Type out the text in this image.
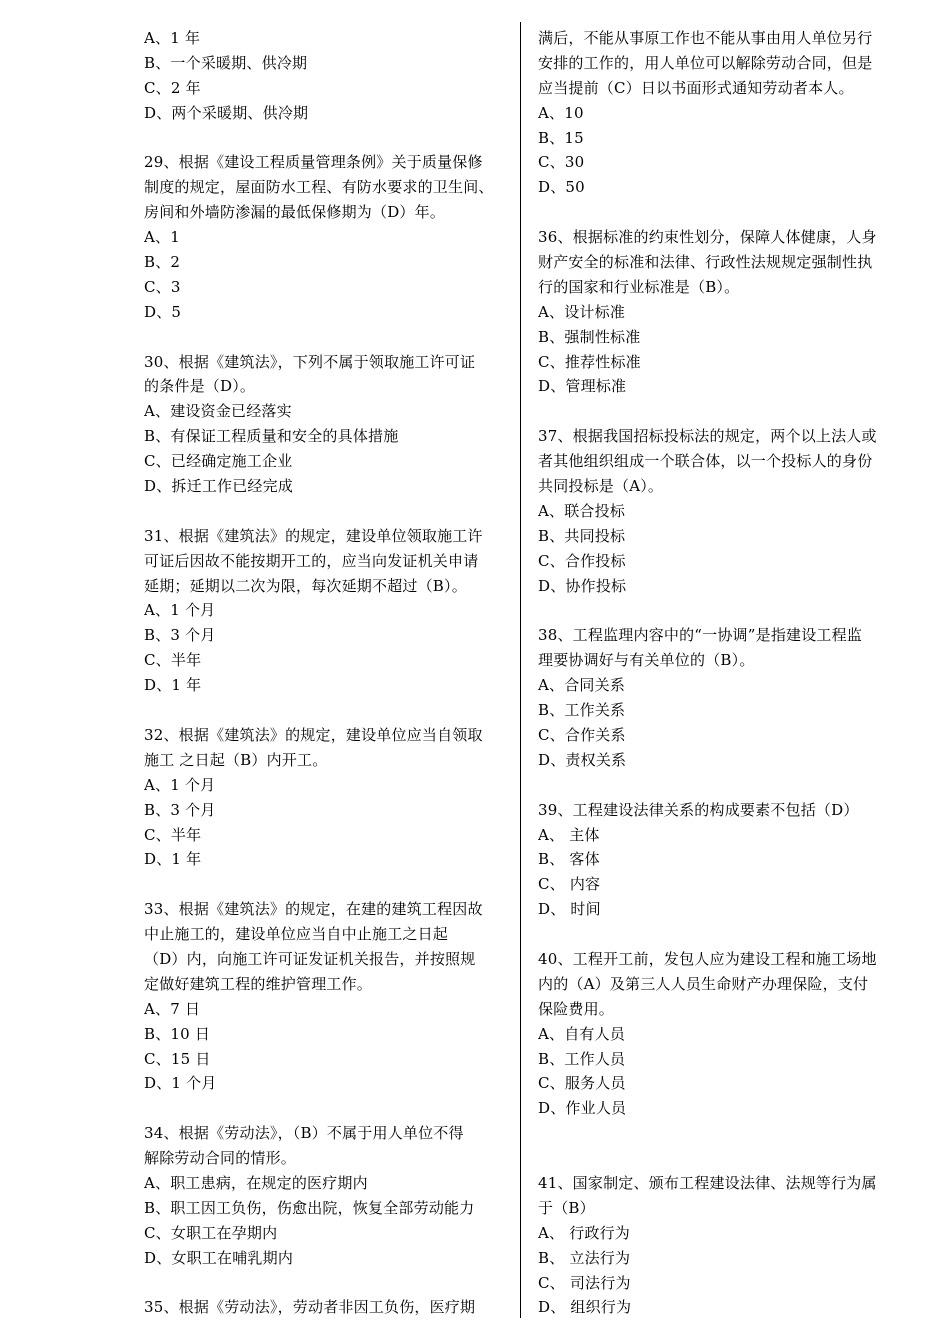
A、1 年
B、一个采暖期、供冷期
C、2 年
D、两个采暖期、供冷期
29、根据《建设工程质量管理条例》关于质量保修
制度的规定，屋面防水工程、有防水要求的卫生间、
房间和外墙防渗漏的最低保修期为（D）年。
A、1
B、2
C、3
D、5
30、根据《建筑法》，下列不属于领取施工许可证
的条件是（D）。
A、建设资金已经落实
B、有保证工程质量和安全的具体措施
C、已经确定施工企业
D、拆迁工作已经完成
31、根据《建筑法》的规定，建设单位领取施工许
可证后因故不能按期开工的，应当向发证机关申请
延期；延期以二次为限，每次延期不超过（B）。
A、1 个月
B、3 个月
C、半年
D、1 年
32、根据《建筑法》的规定，建设单位应当自领取
施工 之日起（B）内开工。
A、1 个月
B、3 个月
C、半年
D、1 年
33、根据《建筑法》的规定，在建的建筑工程因故
中止施工的，建设单位应当自中止施工之日起
（D）内，向施工许可证发证机关报告，并按照规
定做好建筑工程的维护管理工作。
A、7 日
B、10 日
C、15 日
D、1 个月
34、根据《劳动法》，（B）不属于用人单位不得
解除劳动合同的情形。
A、职工患病，在规定的医疗期内
B、职工因工负伤，伤愈出院，恢复全部劳动能力
C、女职工在孕期内
D、女职工在哺乳期内
35、根据《劳动法》，劳动者非因工负伤，医疗期
满后，不能从事原工作也不能从事由用人单位另行
安排的工作的，用人单位可以解除劳动合同，但是
应当提前（C）日以书面形式通知劳动者本人。
A、10
B、15
C、30
D、50
36、根据标准的约束性划分，保障人体健康，人身
财产安全的标准和法律、行政性法规规定强制性执
行的国家和行业标准是（B）。
A、设计标准
B、强制性标准
C、推荐性标准
D、管理标准
37、根据我国招标投标法的规定，两个以上法人或
者其他组织组成一个联合体，以一个投标人的身份
共同投标是（A）。
A、联合投标
B、共同投标
C、合作投标
D、协作投标
38、工程监理内容中的“一协调”是指建设工程监
理要协调好与有关单位的（B）。
A、合同关系
B、工作关系
C、合作关系
D、责权关系
39、工程建设法律关系的构成要素不包括（D）
A、 主体
B、 客体
C、 内容
D、 时间
40、工程开工前，发包人应为建设工程和施工场地
内的（A）及第三人人员生命财产办理保险，支付
保险费用。
A、自有人员
B、工作人员
C、服务人员
D、作业人员
41、国家制定、颁布工程建设法律、法规等行为属
于（B）
A、 行政行为
B、 立法行为
C、 司法行为
D、 组织行为
